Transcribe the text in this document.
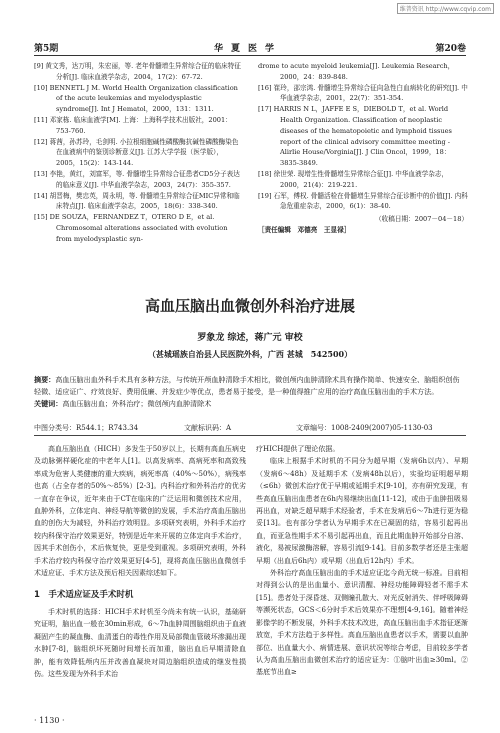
维普资讯 http://www.cqvip.com
第5期	华夏医学	第20卷

[9] 黄文秀，达万明，朱宏丽，等. 老年骨髓增生异常综合征的临床特征分析[J]. 临床血液学杂志，2004，17(2)：67-72.

[10] BENNETL J M. World Health Organization classification of the acute leukemias and myelodysplastic syndrome[J]. Int J Hematol，2000，131：1311.

[11] 邓家栋. 临床血液学[M]. 上海：上海科学技术出版社，2001：753-760.

[12] 蒋茜，孙苏玲，毛剑明. 小拉根细胞碱性磷酸酶抗碱性磷酸酶染色在血液病中的鉴别诊断意义[J]. 江苏大学学报（医学版），2005，15(2)：143-144.

[13] 李艳，黄红，刘富军，等. 骨髓增生异常综合征患者CD5分子表达的临床意义[J]. 中华血液学杂志，2003，24(7)：355-357.

[14] 胡晋梅，樊忠英，周永明，等. 骨髓增生异常综合征MIC异常和临床特点[J]. 临床血液学杂志，2005，18(6)：338-340.

[15] DE SOUZA，FERNANDEZ T，OTERO D E，et al. Chromosomal alterations associated with evolution from myelodysplastic syn-

drome to acute myeloid leukemia[J]. Leukemia Research，2000，24：839-848.

[16] 崔玲，邵宗鸿. 骨髓增生异常综合征向急性白血病转化的研究[J]. 中华血液学杂志，2001，22(7)：351-354.

[17] HARRIS N L，JAFFE E S，DIEBOLD T，et al. World Health Organization. Classification of neoplastic diseases of the hematopoietic and lymphoid tissues report of the clinical advisory committee meeting -Alirlie House/Vorginia[J]. J Clin Oncol，1999，18：3835-3849.

[18] 徐世荣. 现增生性骨髓增生异常综合征[J]. 中华血液学杂志，2000，21(4)：219-221.

[19] 石军，傅权. 骨髓活检在骨髓增生异常综合征诊断中的价值[J]. 内科急危重症杂志，2000，6(1)：38-40.

（收稿日期：2007－04－18）
［责任编辑　邓德亮　王显禄］
高血压脑出血微创外科治疗进展
罗象龙 综述，蒋广元 审校
（甚城瑶族自治县人民医院外科，广西 甚城　542500）
摘要：高血压脑出血外科手术具有多种方法，与传统开颅血肿清除手术相比，微创颅内血肿清除术具有操作简单、快速安全、脑组织创伤轻微、适应证广、疗效良好、费用低廉、并发症少等优点，患者易于接受，是一种值得推广应用的治疗高血压脑出血的手术方法。
关键词：高血压脑出血；外科治疗；微创颅内血肿清除术
中图分类号：R544.1；R743.34	文献标识码：A	文章编号：1008-2409(2007)05-1130-03

高血压脑出血（HICH）多发生于50岁以上，长期有高血压病史及动脉粥样硬化症的中老年人[1]。以高发病率、高病死率和高致残率成为危害人类健康的重大疾病，病死率高（40%～50%），病残率也高（占全存者的50%～85%）[2-3]。内科治疗和外科治疗的优劣一直存在争议，近年来由于CT在临床的广泛运用和微创技术应用，血肿外科，立体定向、神经导航等微创的发展，手术治疗高血压脑出血的创伤大为减轻，外科治疗效明显。多项研究表明，外科手术治疗较内科保守治疗效果更好，特别是近年来开展的立体定向手术治疗，因其手术创伤小，术后恢复快，更是受到重视。多项研究表明，外科手术治疗较内科保守治疗效果更好[4-5]，现将高血压脑出血微创手术适应证、手术方法及预后相关因素综述如下。

1　手术适应证及手术时机

手术时机的选择：HICH手术时机至今尚未有统一认识，基础研究证明，脑出血一般在30min形成，6～7h血肿周围脑组织由于血液凝固产生的凝血酶、血清蛋白的毒性作用及局部微血管破坏渗漏出现水肿[7-8]，脑组织坏死随时间增长而加重，脑出血后早期清除血肿，能有效降低颅内压并改善血凝块对周边脑组织造成的继发性损伤。这些发现为外科手术治

疗HICH提供了理论依据。

临床上根据手术时机的不同分为超早期（发病6h以内）、早期（发病6～48h）及延期手术（发病48h以后），实验均证明超早期（≤6h）微创术治疗优于早期或延期手术[9-10]，亦有研究发现，有些高血压脑出血患者在6h内易继续出血[11-12]，或由于血肿扭吸易再出血，对缺乏超早期手术经验者，手术在发病后6～7h进行更为稳妥[13]。也有部分学者认为早期手术在已凝固的结，容易引起再出血，而亚急性期手术不易引起再出血，而且此期血肿开始部分自溶、液化，易被尿激酶溶解，容易引流[9-14]。目前多数学者还是主张超早期（出血后6h内）或早期（出血后12h内）手术。

外科治疗高血压脑出血的手术适应证迄今尚无统一标准。目前相对得到公认的是出血量小、意识清醒、神经功能障碍轻者不需手术[15]。患者处于深昏迷、双侧瞳孔散大、对光反射消失、伴呼吸障碍等濒死状态，GCS＜6分时手术后效果亦不理想[4-9,16]。随着神经影像学的不断发展，外科手术技术改进，高血压脑出血手术指征逐渐放宽，手术方法趋于多样性。高血压脑出血患者以手术，需要以血肿部位、出血量大小、病情进展、意识状况等综合考虑，目前较多学者认为高血压脑出血微创术治疗的适应证为：①脑叶出血≥30ml。②基底节出血≥

· 1130 ·
